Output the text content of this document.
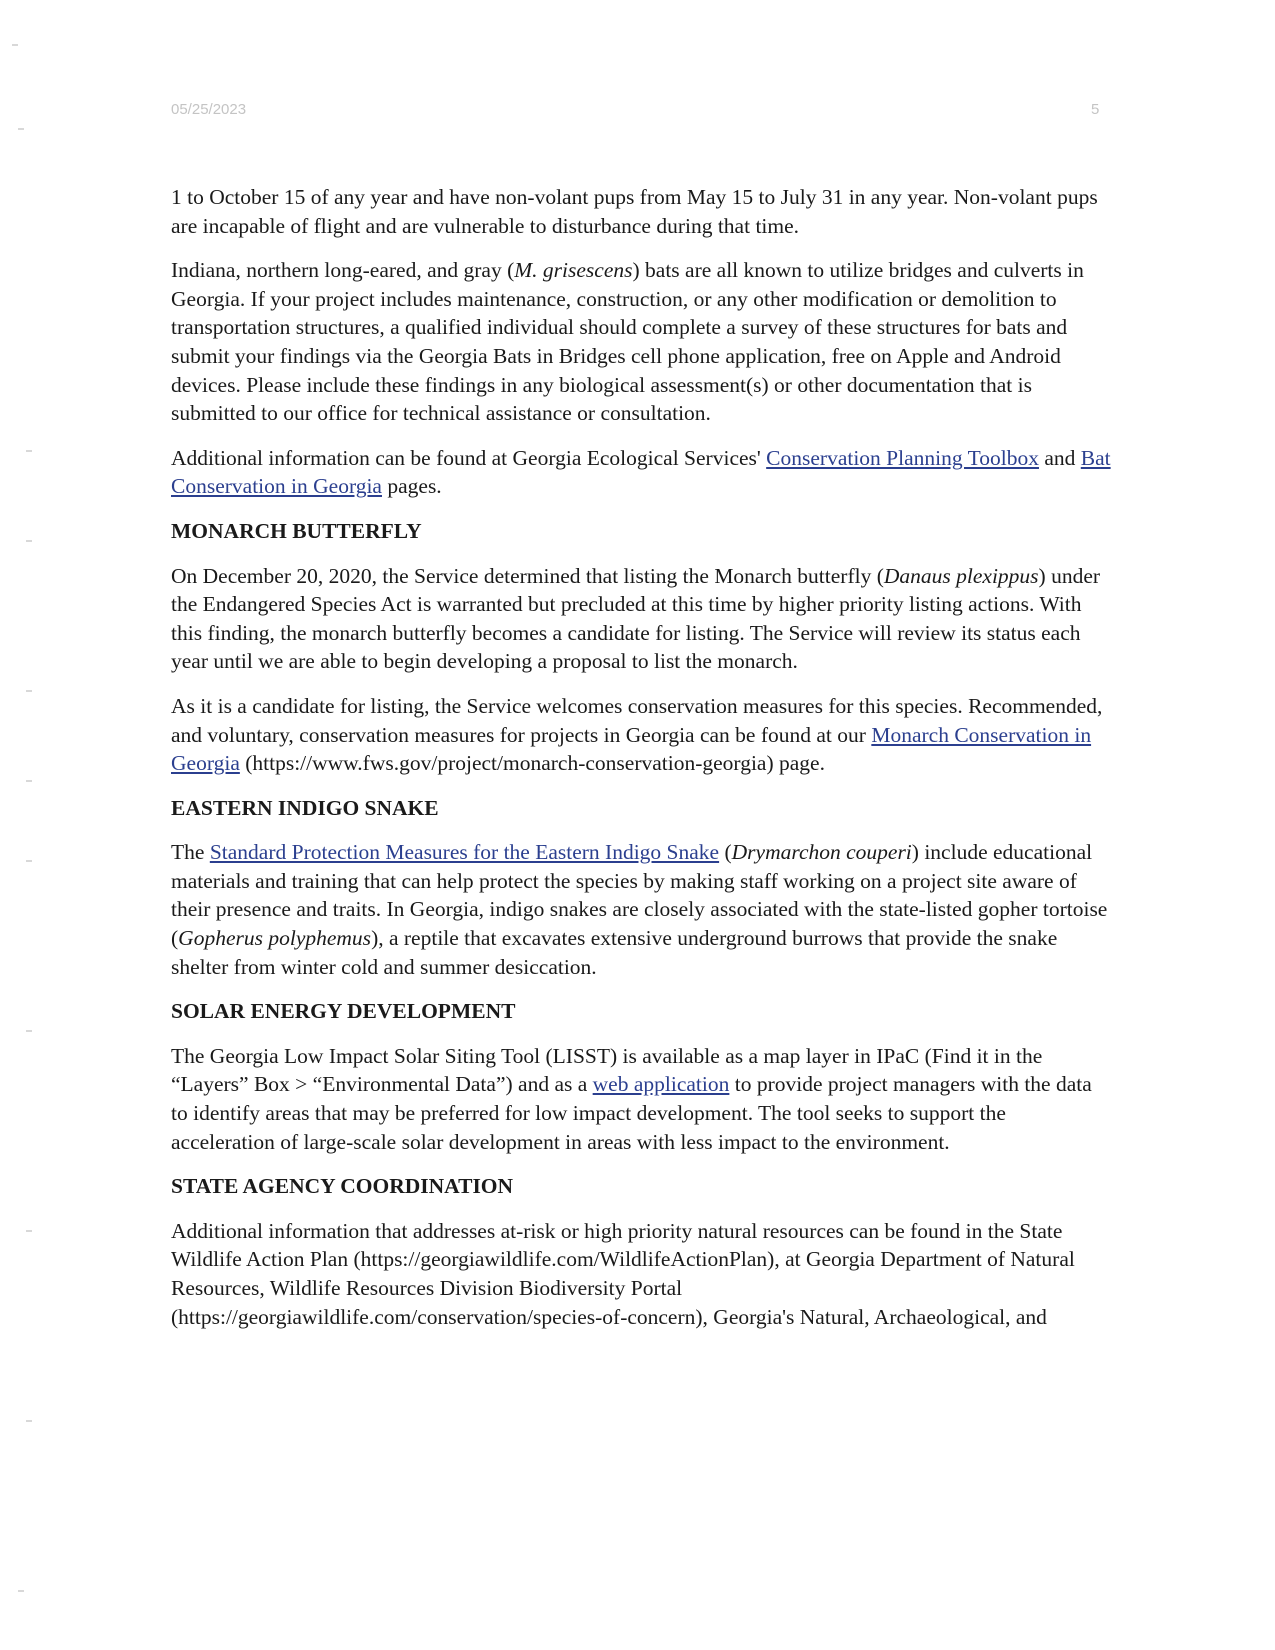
05/25/2023	5

1 to October 15 of any year and have non-volant pups from May 15 to July 31 in any year. Non-volant pups are incapable of flight and are vulnerable to disturbance during that time.

Indiana, northern long-eared, and gray (M. grisescens) bats are all known to utilize bridges and culverts in Georgia. If your project includes maintenance, construction, or any other modification or demolition to transportation structures, a qualified individual should complete a survey of these structures for bats and submit your findings via the Georgia Bats in Bridges cell phone application, free on Apple and Android devices. Please include these findings in any biological assessment(s) or other documentation that is submitted to our office for technical assistance or consultation.

Additional information can be found at Georgia Ecological Services' Conservation Planning Toolbox and Bat Conservation in Georgia pages.

MONARCH BUTTERFLY

On December 20, 2020, the Service determined that listing the Monarch butterfly (Danaus plexippus) under the Endangered Species Act is warranted but precluded at this time by higher priority listing actions. With this finding, the monarch butterfly becomes a candidate for listing. The Service will review its status each year until we are able to begin developing a proposal to list the monarch.

As it is a candidate for listing, the Service welcomes conservation measures for this species. Recommended, and voluntary, conservation measures for projects in Georgia can be found at our Monarch Conservation in Georgia (https://www.fws.gov/project/monarch-conservation-georgia) page.

EASTERN INDIGO SNAKE

The Standard Protection Measures for the Eastern Indigo Snake (Drymarchon couperi) include educational materials and training that can help protect the species by making staff working on a project site aware of their presence and traits. In Georgia, indigo snakes are closely associated with the state-listed gopher tortoise (Gopherus polyphemus), a reptile that excavates extensive underground burrows that provide the snake shelter from winter cold and summer desiccation.

SOLAR ENERGY DEVELOPMENT

The Georgia Low Impact Solar Siting Tool (LISST) is available as a map layer in IPaC (Find it in the “Layers” Box > “Environmental Data”) and as a web application to provide project managers with the data to identify areas that may be preferred for low impact development. The tool seeks to support the acceleration of large-scale solar development in areas with less impact to the environment.

STATE AGENCY COORDINATION

Additional information that addresses at-risk or high priority natural resources can be found in the State Wildlife Action Plan (https://georgiawildlife.com/WildlifeActionPlan), at Georgia Department of Natural Resources, Wildlife Resources Division Biodiversity Portal (https://georgiawildlife.com/conservation/species-of-concern), Georgia's Natural, Archaeological, and
